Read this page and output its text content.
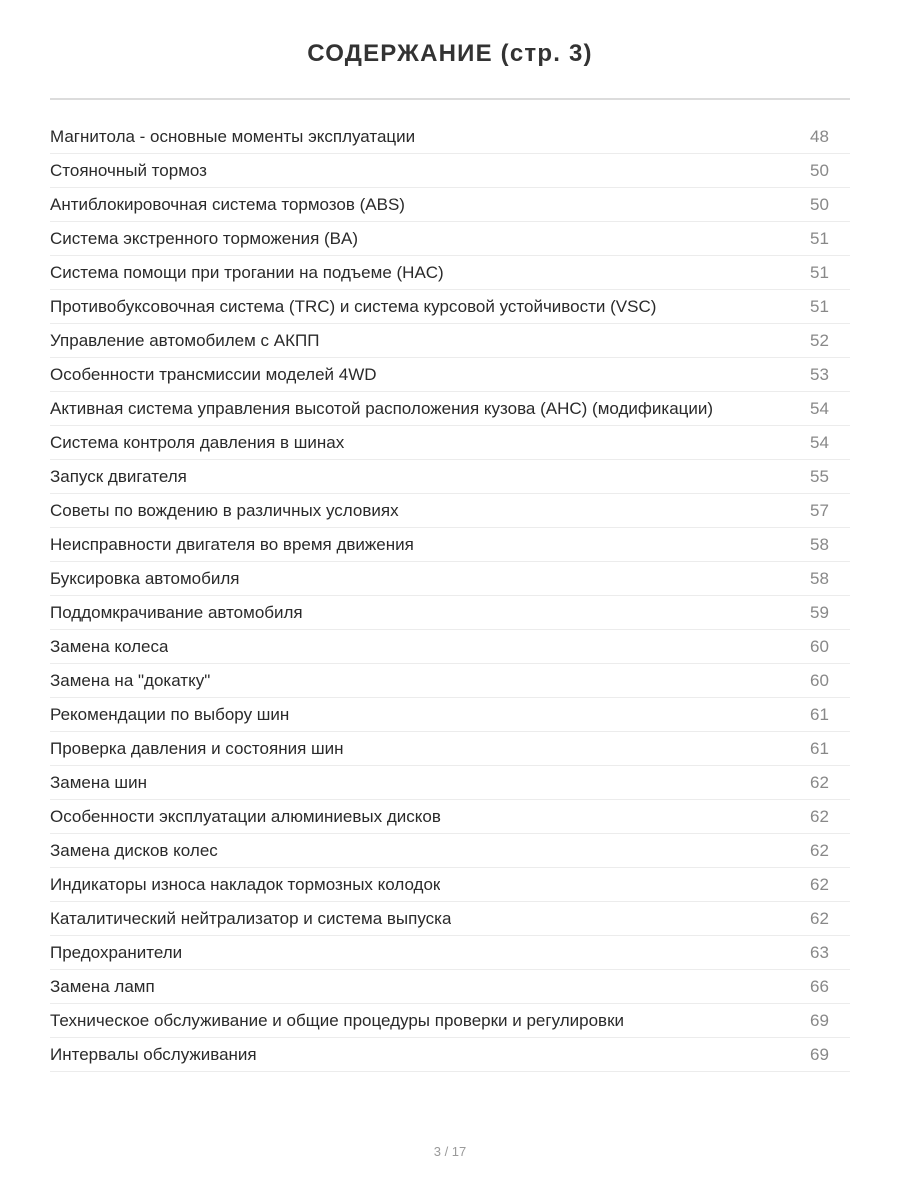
СОДЕРЖАНИЕ (стр. 3)
Магнитола - основные моменты эксплуатации	48
Стояночный тормоз	50
Антиблокировочная система тормозов (ABS)	50
Система экстренного торможения (BA)	51
Система помощи при трогании на подъеме (HAC)	51
Противобуксовочная система (TRC) и система курсовой устойчивости (VSC)	51
Управление автомобилем с АКПП	52
Особенности трансмиссии моделей 4WD	53
Активная система управления высотой расположения кузова (AHC) (модификации)	54
Система контроля давления в шинах	54
Запуск двигателя	55
Советы по вождению в различных условиях	57
Неисправности двигателя во время движения	58
Буксировка автомобиля	58
Поддомкрачивание автомобиля	59
Замена колеса	60
Замена на "докатку"	60
Рекомендации по выбору шин	61
Проверка давления и состояния шин	61
Замена шин	62
Особенности эксплуатации алюминиевых дисков	62
Замена дисков колес	62
Индикаторы износа накладок тормозных колодок	62
Каталитический нейтрализатор и система выпуска	62
Предохранители	63
Замена ламп	66
Техническое обслуживание и общие процедуры проверки и регулировки	69
Интервалы обслуживания	69
3 / 17
